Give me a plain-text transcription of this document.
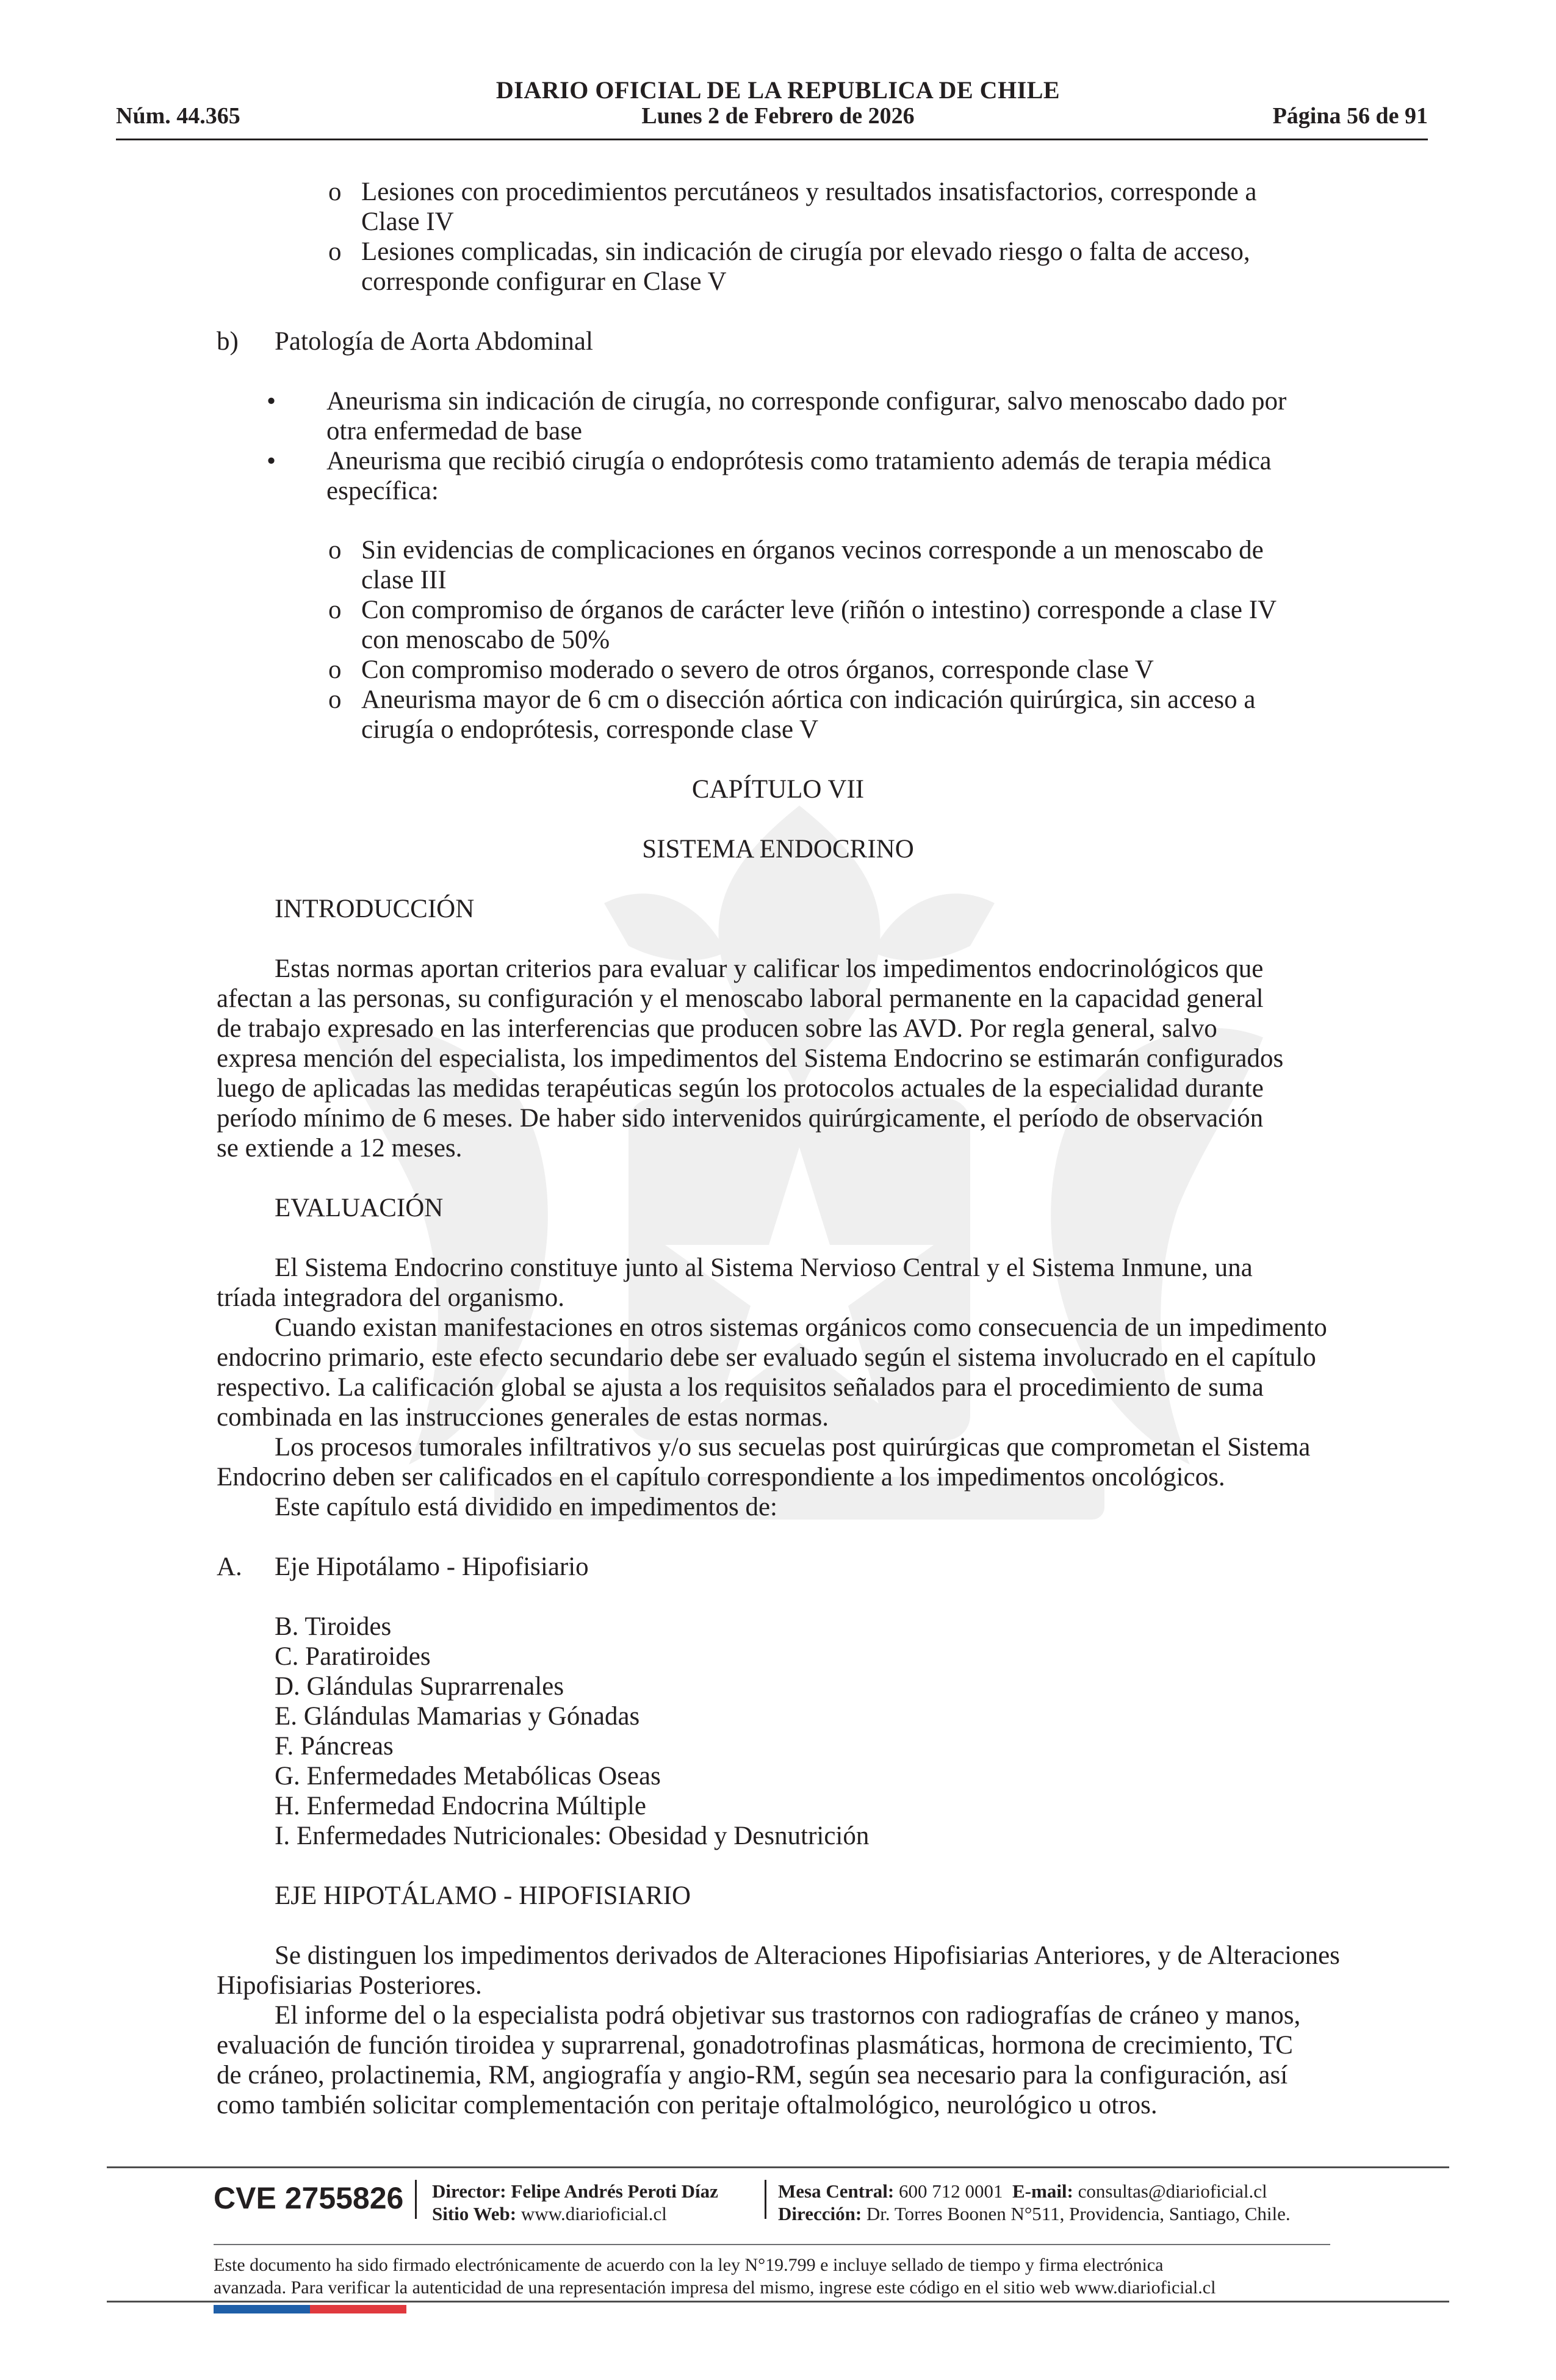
DIARIO OFICIAL DE LA REPUBLICA DE CHILE
Núm. 44.365	Lunes 2 de Febrero de 2026	Página 56 de 91
o Lesiones con procedimientos percutáneos y resultados insatisfactorios, corresponde a
Clase IV
o Lesiones complicadas, sin indicación de cirugía por elevado riesgo o falta de acceso,
corresponde configurar en Clase V
b) Patología de Aorta Abdominal
• Aneurisma sin indicación de cirugía, no corresponde configurar, salvo menoscabo dado por
otra enfermedad de base
• Aneurisma que recibió cirugía o endoprótesis como tratamiento además de terapia médica
específica:
o Sin evidencias de complicaciones en órganos vecinos corresponde a un menoscabo de
clase III
o Con compromiso de órganos de carácter leve (riñón o intestino) corresponde a clase IV
con menoscabo de 50%
o Con compromiso moderado o severo de otros órganos, corresponde clase V
o Aneurisma mayor de 6 cm o disección aórtica con indicación quirúrgica, sin acceso a
cirugía o endoprótesis, corresponde clase V
CAPÍTULO VII
SISTEMA ENDOCRINO
INTRODUCCIÓN
Estas normas aportan criterios para evaluar y calificar los impedimentos endocrinológicos que
afectan a las personas, su configuración y el menoscabo laboral permanente en la capacidad general
de trabajo expresado en las interferencias que producen sobre las AVD. Por regla general, salvo
expresa mención del especialista, los impedimentos del Sistema Endocrino se estimarán configurados
luego de aplicadas las medidas terapéuticas según los protocolos actuales de la especialidad durante
período mínimo de 6 meses. De haber sido intervenidos quirúrgicamente, el período de observación
se extiende a 12 meses.
EVALUACIÓN
El Sistema Endocrino constituye junto al Sistema Nervioso Central y el Sistema Inmune, una
tríada integradora del organismo.
Cuando existan manifestaciones en otros sistemas orgánicos como consecuencia de un impedimento
endocrino primario, este efecto secundario debe ser evaluado según el sistema involucrado en el capítulo
respectivo. La calificación global se ajusta a los requisitos señalados para el procedimiento de suma
combinada en las instrucciones generales de estas normas.
Los procesos tumorales infiltrativos y/o sus secuelas post quirúrgicas que comprometan el Sistema
Endocrino deben ser calificados en el capítulo correspondiente a los impedimentos oncológicos.
Este capítulo está dividido en impedimentos de:
A. Eje Hipotálamo - Hipofisiario
B. Tiroides
C. Paratiroides
D. Glándulas Suprarrenales
E. Glándulas Mamarias y Gónadas
F. Páncreas
G. Enfermedades Metabólicas Oseas
H. Enfermedad Endocrina Múltiple
I. Enfermedades Nutricionales: Obesidad y Desnutrición
EJE HIPOTÁLAMO - HIPOFISIARIO
Se distinguen los impedimentos derivados de Alteraciones Hipofisiarias Anteriores, y de Alteraciones
Hipofisiarias Posteriores.
El informe del o la especialista podrá objetivar sus trastornos con radiografías de cráneo y manos,
evaluación de función tiroidea y suprarrenal, gonadotrofinas plasmáticas, hormona de crecimiento, TC
de cráneo, prolactinemia, RM, angiografía y angio-RM, según sea necesario para la configuración, así
como también solicitar complementación con peritaje oftalmológico, neurológico u otros.
CVE 2755826 Director: Felipe Andrés Peroti Díaz
Sitio Web: www.diarioficial.cl
Mesa Central: 600 712 0001 E-mail: consultas@diarioficial.cl
Dirección: Dr. Torres Boonen N°511, Providencia, Santiago, Chile.
Este documento ha sido firmado electrónicamente de acuerdo con la ley N°19.799 e incluye sellado de tiempo y firma electrónica
avanzada. Para verificar la autenticidad de una representación impresa del mismo, ingrese este código en el sitio web www.diarioficial.cl
